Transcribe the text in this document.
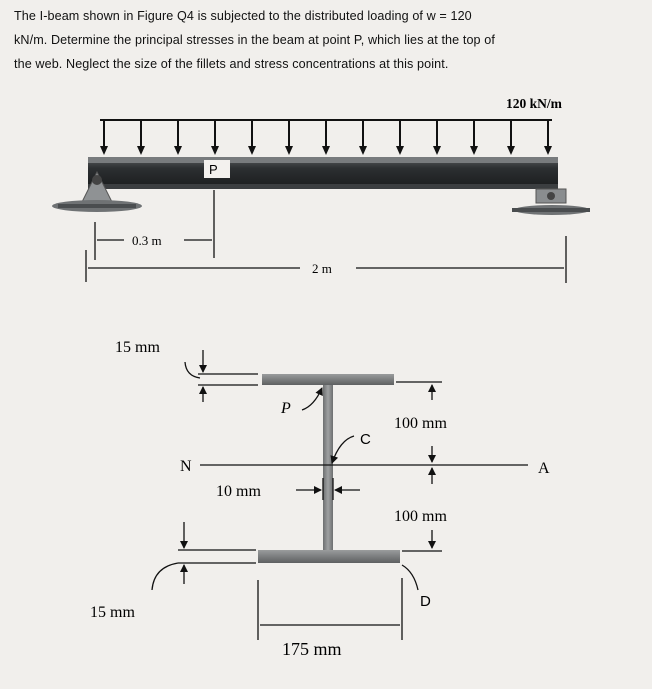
The I-beam shown in Figure Q4 is subjected to the distributed loading of w = 120
kN/m. Determine the principal stresses in the beam at point P, which lies at the top of
the web. Neglect the size of the fillets and stress concentrations at this point.
120 kN/m
P
0.3 m
2 m
N	A
P
C
15 mm
100 mm
10 mm
100 mm
15 mm
D
175 mm
